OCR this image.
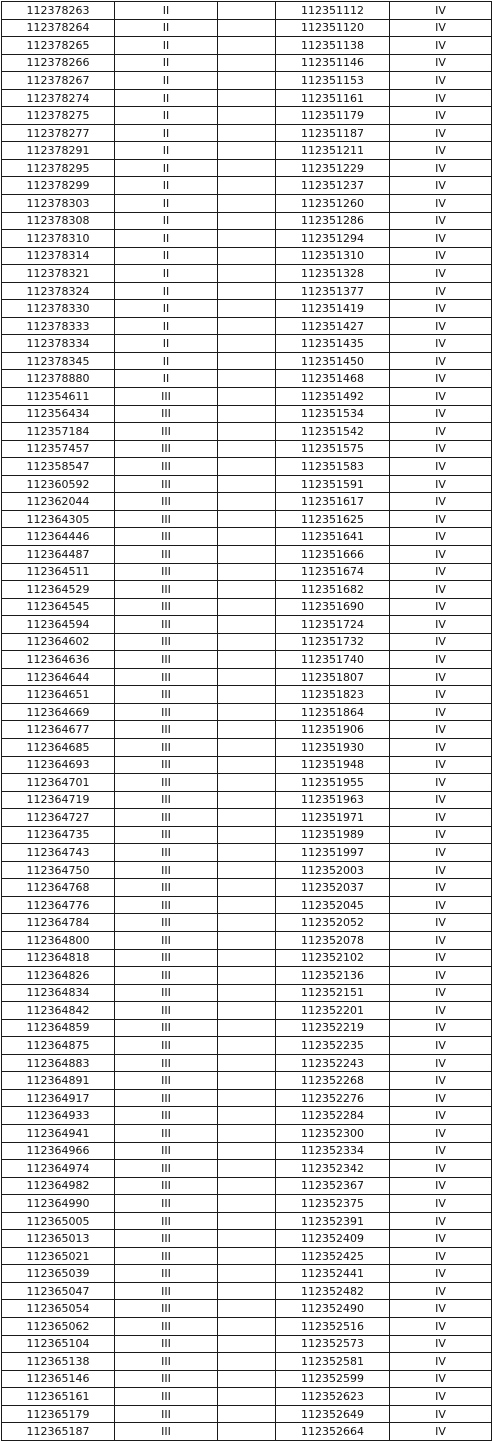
112378263	II		112351112	IV
112378264	II		112351120	IV
112378265	II		112351138	IV
112378266	II		112351146	IV
112378267	II		112351153	IV
112378274	II		112351161	IV
112378275	II		112351179	IV
112378277	II		112351187	IV
112378291	II		112351211	IV
112378295	II		112351229	IV
112378299	II		112351237	IV
112378303	II		112351260	IV
112378308	II		112351286	IV
112378310	II		112351294	IV
112378314	II		112351310	IV
112378321	II		112351328	IV
112378324	II		112351377	IV
112378330	II		112351419	IV
112378333	II		112351427	IV
112378334	II		112351435	IV
112378345	II		112351450	IV
112378880	II		112351468	IV
112354611	III		112351492	IV
112356434	III		112351534	IV
112357184	III		112351542	IV
112357457	III		112351575	IV
112358547	III		112351583	IV
112360592	III		112351591	IV
112362044	III		112351617	IV
112364305	III		112351625	IV
112364446	III		112351641	IV
112364487	III		112351666	IV
112364511	III		112351674	IV
112364529	III		112351682	IV
112364545	III		112351690	IV
112364594	III		112351724	IV
112364602	III		112351732	IV
112364636	III		112351740	IV
112364644	III		112351807	IV
112364651	III		112351823	IV
112364669	III		112351864	IV
112364677	III		112351906	IV
112364685	III		112351930	IV
112364693	III		112351948	IV
112364701	III		112351955	IV
112364719	III		112351963	IV
112364727	III		112351971	IV
112364735	III		112351989	IV
112364743	III		112351997	IV
112364750	III		112352003	IV
112364768	III		112352037	IV
112364776	III		112352045	IV
112364784	III		112352052	IV
112364800	III		112352078	IV
112364818	III		112352102	IV
112364826	III		112352136	IV
112364834	III		112352151	IV
112364842	III		112352201	IV
112364859	III		112352219	IV
112364875	III		112352235	IV
112364883	III		112352243	IV
112364891	III		112352268	IV
112364917	III		112352276	IV
112364933	III		112352284	IV
112364941	III		112352300	IV
112364966	III		112352334	IV
112364974	III		112352342	IV
112364982	III		112352367	IV
112364990	III		112352375	IV
112365005	III		112352391	IV
112365013	III		112352409	IV
112365021	III		112352425	IV
112365039	III		112352441	IV
112365047	III		112352482	IV
112365054	III		112352490	IV
112365062	III		112352516	IV
112365104	III		112352573	IV
112365138	III		112352581	IV
112365146	III		112352599	IV
112365161	III		112352623	IV
112365179	III		112352649	IV
112365187	III		112352664	IV
